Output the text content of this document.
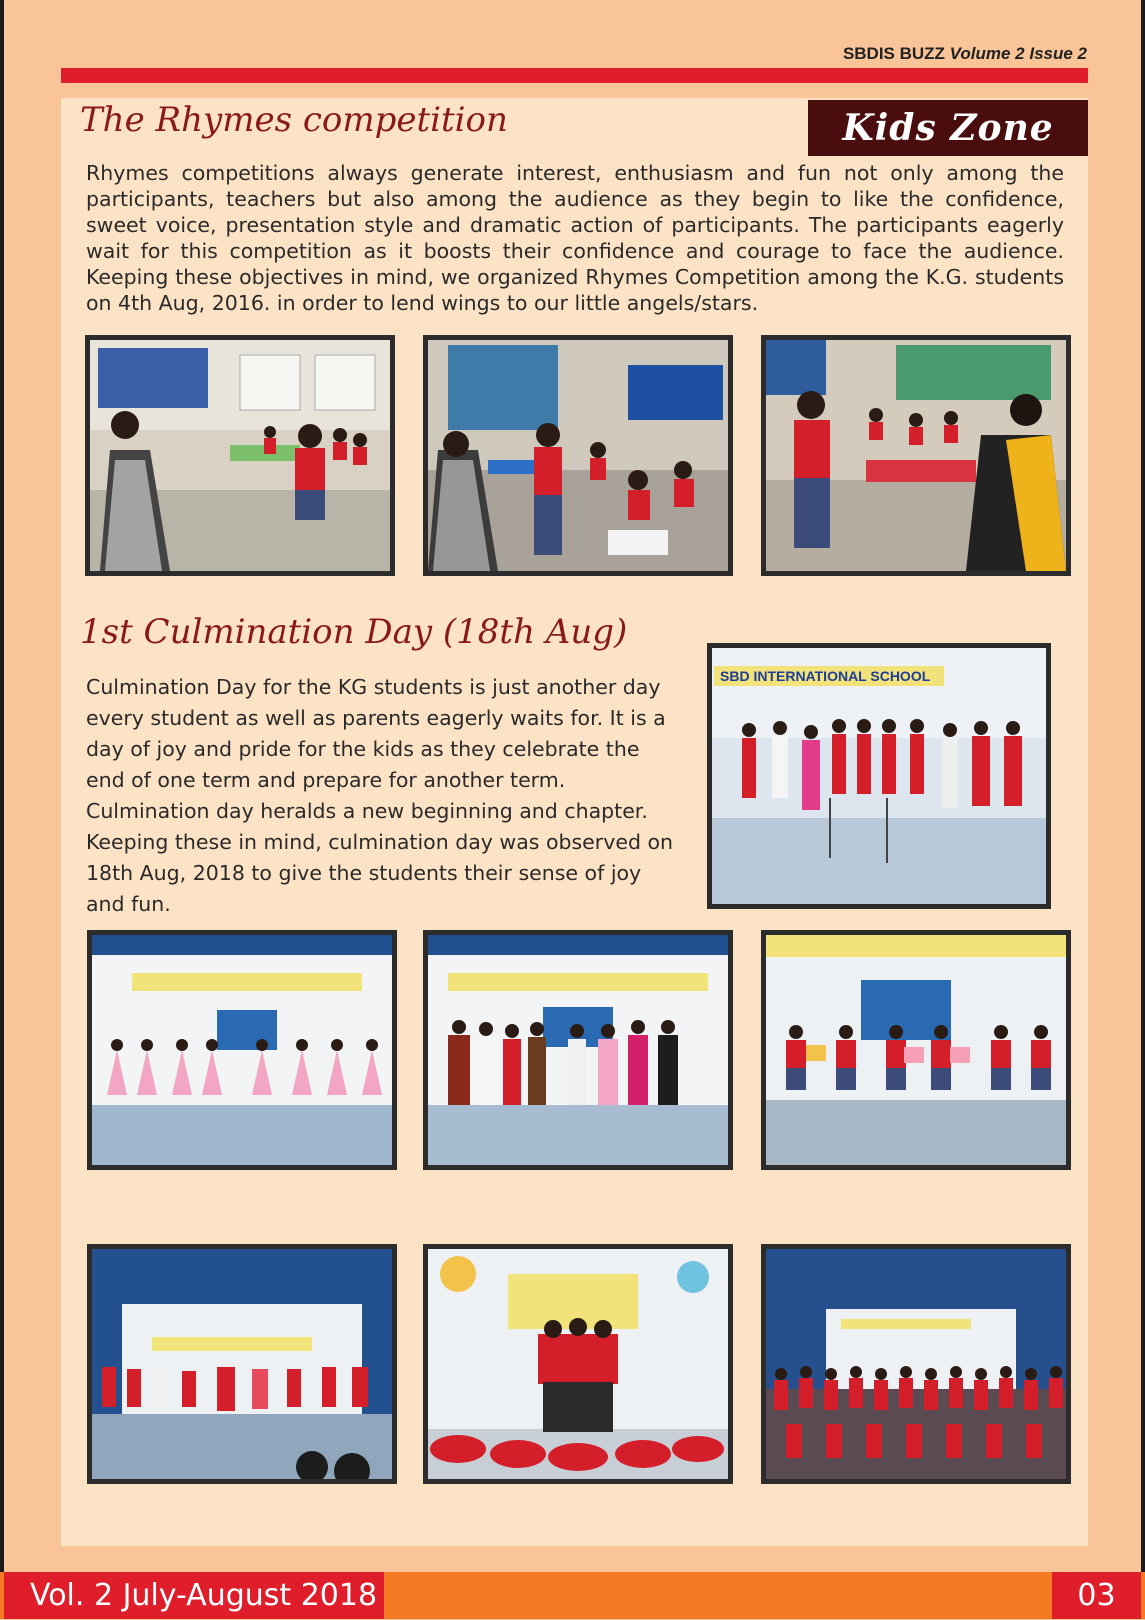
SBDIS BUZZ Volume 2 Issue 2
Kids Zone
The Rhymes competition
Rhymes competitions always generate interest, enthusiasm and fun not only among the participants, teachers but also among the audience as they begin to like the confidence, sweet voice, presentation style and dramatic action of participants. The participants eagerly wait for this competition as it boosts their confidence and courage to face the audience. Keeping these objectives in mind, we organized Rhymes Competition among the K.G. students on 4th Aug, 2016. in order to lend wings to our little angels/stars.
1st Culmination Day (18th Aug)
Culmination Day for the KG students is just another day every student as well as parents eagerly waits for. It is a day of joy and pride for the kids as they celebrate the end of one term and prepare for another term. Culmination day heralds a new beginning and chapter. Keeping these in mind, culmination day was observed on 18th Aug, 2018 to give the students their sense of joy and fun.
SBD INTERNATIONAL SCHOOL
Vol. 2 July-August 2018	03
